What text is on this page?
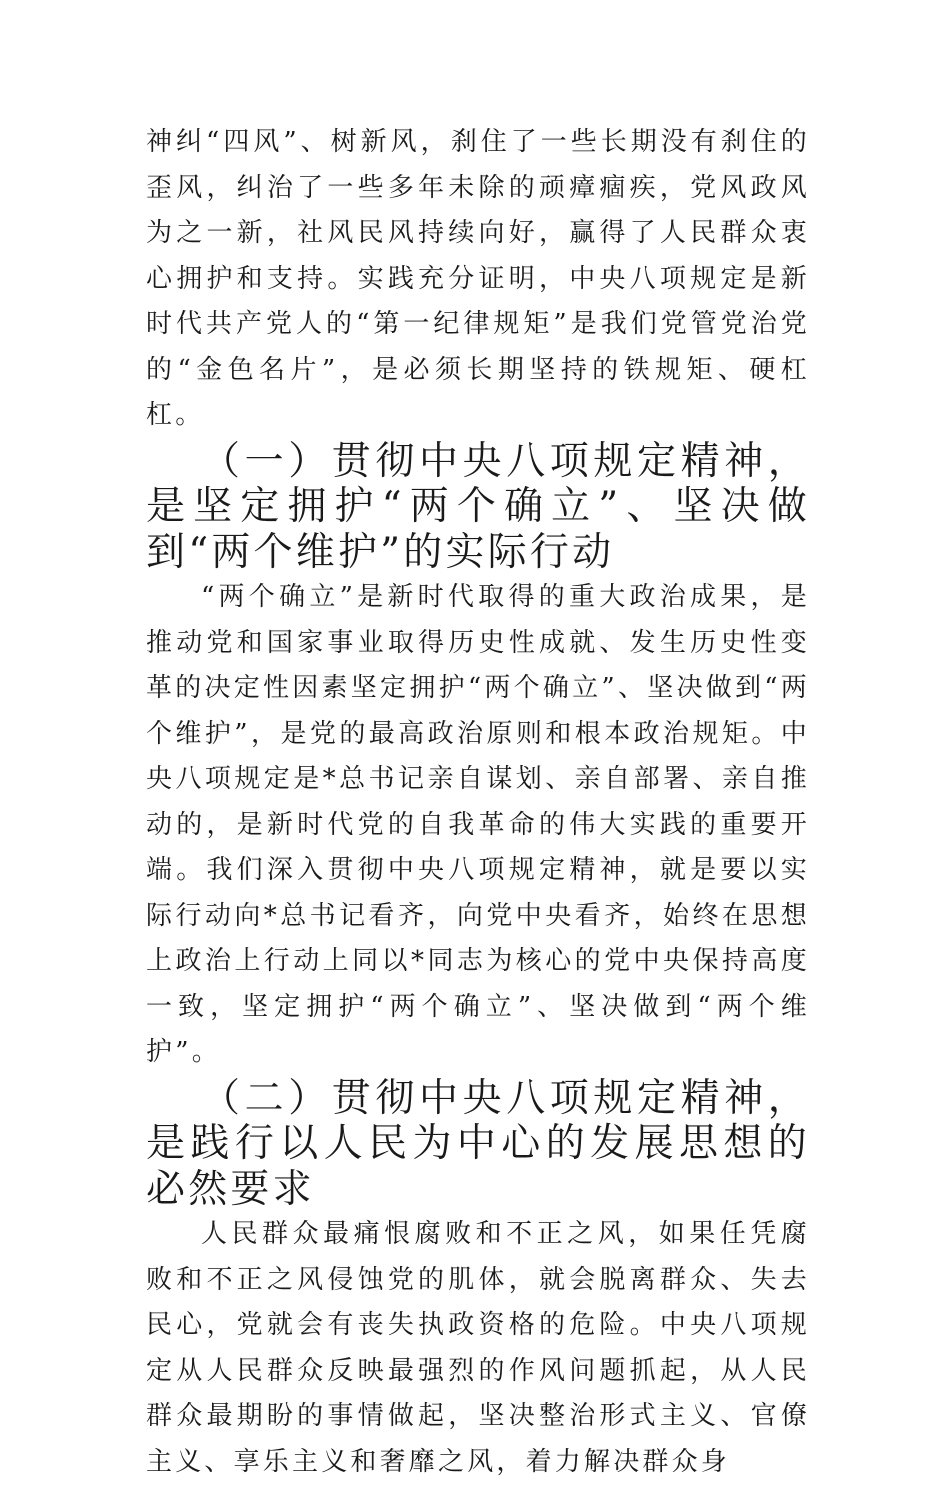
神纠“四风”、树新风，刹住了一些长期没有刹住的歪风，纠治了一些多年未除的顽瘴痼疾，党风政风为之一新，社风民风持续向好，赢得了人民群众衷心拥护和支持。实践充分证明，中央八项规定是新时代共产党人的“第一纪律规矩”是我们党管党治党的“金色名片”，是必须长期坚持的铁规矩、硬杠杠。

（一）贯彻中央八项规定精神，是坚定拥护“两个确立”、坚决做到“两个维护”的实际行动

“两个确立”是新时代取得的重大政治成果，是推动党和国家事业取得历史性成就、发生历史性变革的决定性因素坚定拥护“两个确立”、坚决做到“两个维护”，是党的最高政治原则和根本政治规矩。中央八项规定是*总书记亲自谋划、亲自部署、亲自推动的，是新时代党的自我革命的伟大实践的重要开端。我们深入贯彻中央八项规定精神，就是要以实际行动向*总书记看齐，向党中央看齐，始终在思想上政治上行动上同以*同志为核心的党中央保持高度一致，坚定拥护“两个确立”、坚决做到“两个维护”。

（二）贯彻中央八项规定精神，是践行以人民为中心的发展思想的必然要求

人民群众最痛恨腐败和不正之风，如果任凭腐败和不正之风侵蚀党的肌体，就会脱离群众、失去民心，党就会有丧失执政资格的危险。中央八项规定从人民群众反映最强烈的作风问题抓起，从人民群众最期盼的事情做起，坚决整治形式主义、官僚主义、享乐主义和奢靡之风，着力解决群众身
